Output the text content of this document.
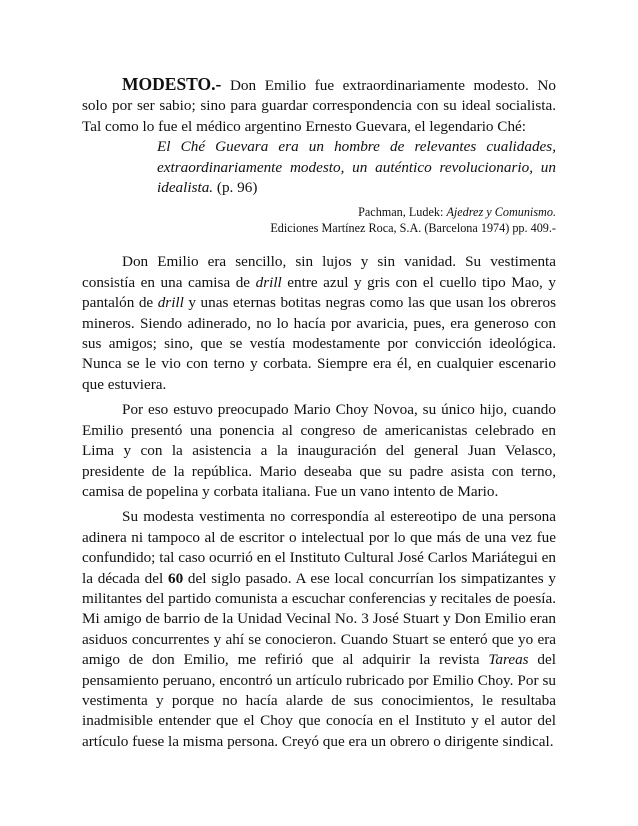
MODESTO.- Don Emilio fue extraordinariamente modesto. No solo por ser sabio; sino para guardar correspondencia con su ideal socialista. Tal como lo fue el médico argentino Ernesto Guevara, el legendario Ché:

El Ché Guevara era un hombre de relevantes cualidades, extraordinariamente modesto, un auténtico revolucionario, un idealista. (p. 96)

Pachman, Ludek: Ajedrez y Comunismo.
Ediciones Martínez Roca, S.A. (Barcelona 1974) pp. 409.-

Don Emilio era sencillo, sin lujos y sin vanidad. Su vestimenta consistía en una camisa de drill entre azul y gris con el cuello tipo Mao, y pantalón de drill y unas eternas botitas negras como las que usan los obreros mineros. Siendo adinerado, no lo hacía por avaricia, pues, era generoso con sus amigos; sino, que se vestía modestamente por convicción ideológica. Nunca se le vio con terno y corbata. Siempre era él, en cualquier escenario que estuviera.

Por eso estuvo preocupado Mario Choy Novoa, su único hijo, cuando Emilio presentó una ponencia al congreso de americanistas celebrado en Lima y con la asistencia a la inauguración del general Juan Velasco, presidente de la república. Mario deseaba que su padre asista con terno, camisa de popelina y corbata italiana. Fue un vano intento de Mario.

Su modesta vestimenta no correspondía al estereotipo de una persona adinera ni tampoco al de escritor o intelectual por lo que más de una vez fue confundido; tal caso ocurrió en el Instituto Cultural José Carlos Mariátegui en la década del 60 del siglo pasado. A ese local concurrían los simpatizantes y militantes del partido comunista a escuchar conferencias y recitales de poesía. Mi amigo de barrio de la Unidad Vecinal No. 3 José Stuart y Don Emilio eran asiduos concurrentes y ahí se conocieron. Cuando Stuart se enteró que yo era amigo de don Emilio, me refirió que al adquirir la revista Tareas del pensamiento peruano, encontró un artículo rubricado por Emilio Choy. Por su vestimenta y porque no hacía alarde de sus conocimientos, le resultaba inadmisible entender que el Choy que conocía en el Instituto y el autor del artículo fuese la misma persona. Creyó que era un obrero o dirigente sindical.
